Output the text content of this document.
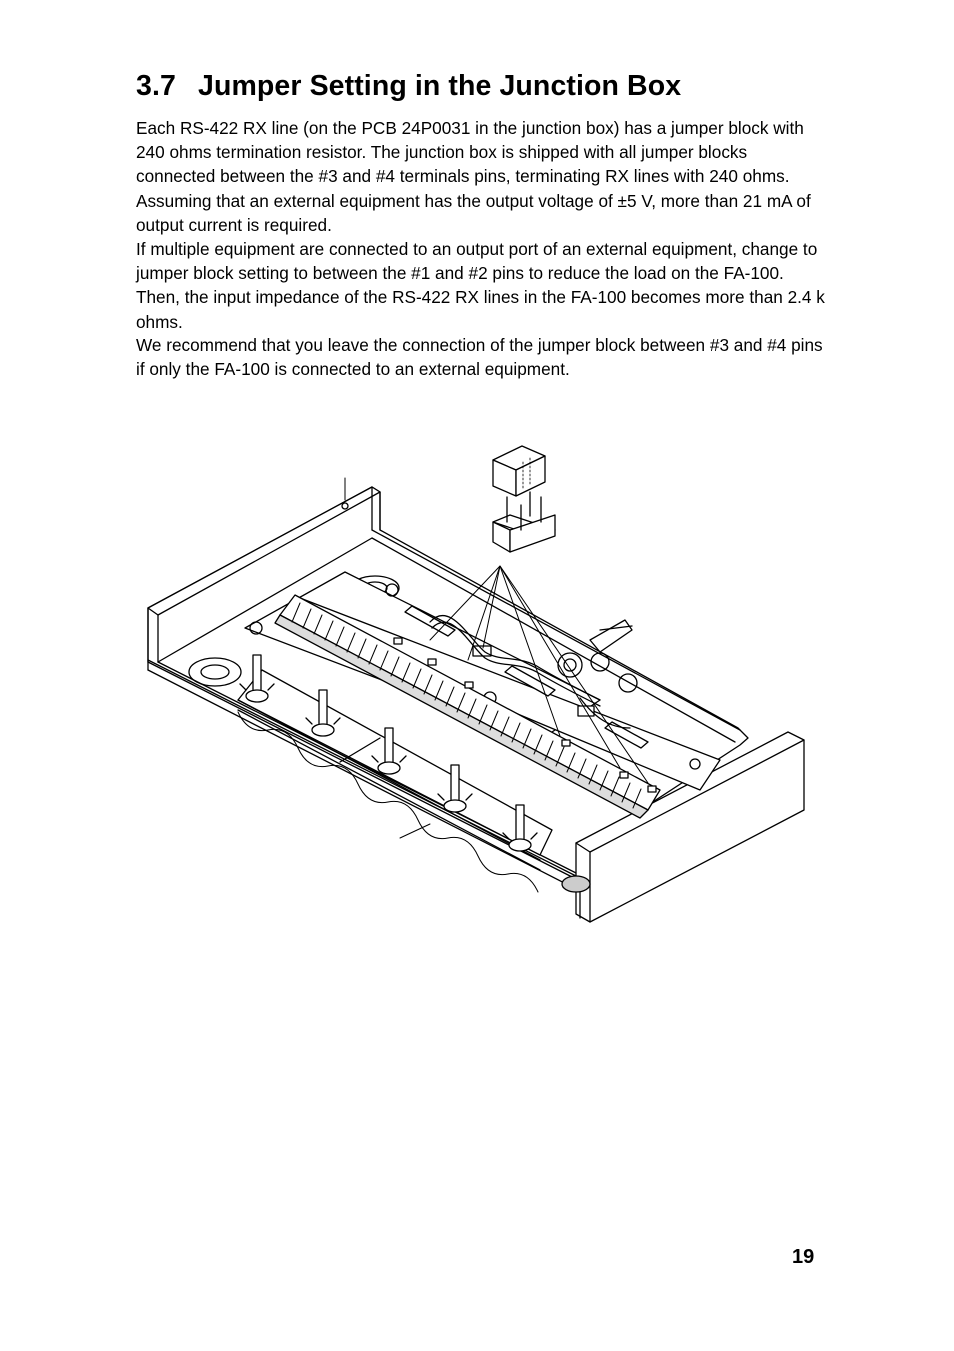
3.7 Jumper Setting in the Junction Box

Each RS-422 RX line (on the PCB 24P0031 in the junction box) has a jumper block with 240 ohms termination resistor. The junction box is shipped with all jumper blocks connected between the #3 and #4 terminals pins, terminating RX lines with 240 ohms. Assuming that an external equipment has the output voltage of ±5 V, more than 21 mA of output current is required.

If multiple equipment are connected to an output port of an external equipment, change to jumper block setting to between the #1 and #2 pins to reduce the load on the FA-100. Then, the input impedance of the RS-422 RX lines in the FA-100 becomes more than 2.4 k ohms.

We recommend that you leave the connection of the jumper block between #3 and #4 pins if only the FA-100 is connected to an external equipment.

19
